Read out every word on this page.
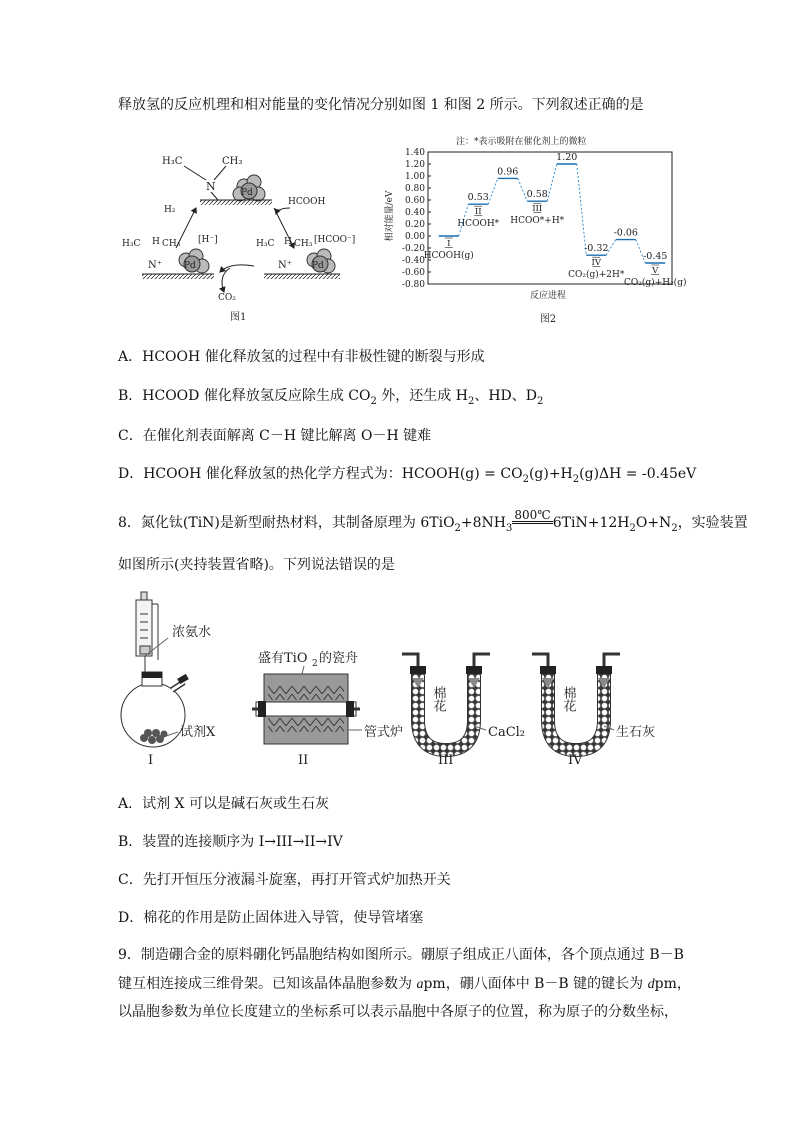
释放氢的反应机理和相对能量的变化情况分别如图 1 和图 2 所示。下列叙述正确的是
H₃C	CH₃
N	Pd
H₂
HCOOH
CO₂
H₃C H CH₃
N⁺
[H⁻]
Pd
H₃C H CH₃
N⁺
[HCOO⁻]
Pd
图1
注：*表示吸附在催化剂上的微粒
相对能量/eV
反应进程
图2
1.40
1.20
1.00
0.80
0.60
0.40
0.20
0.00
-0.20
-0.40
-0.60
-0.80
I
HCOOH(g)
0.53
II
HCOOH*
0.96
0.58
III
HCOO*+H*
1.20
-0.32
IV
CO₂(g)+2H*
-0.06
-0.45
V
CO₂(g)+H₂(g)
A．HCOOH 催化释放氢的过程中有非极性键的断裂与形成
B．HCOOD 催化释放氢反应除生成 $CO_2$ 外，还生成 $H_2$、HD、$D_2$
C．在催化剂表面解离 C－H 键比解离 O－H 键难
D．HCOOH 催化释放氢的热化学方程式为：HCOOH(g) = $CO_2(g)+H_2(g)\Delta H = -0.45eV$
8．氮化钛(TiN)是新型耐热材料，其制备原理为 $6TiO_2+8NH_3800℃$ $6TiN+12H_2O+N_2$，实验装置
如图所示(夹持装置省略)。下列说法错误的是
浓氨水
试剂X
I
盛有TiO 2 的瓷舟
管式炉
II
棉花
CaCl₂
III
棉花
生石灰
IV
A．试剂 X 可以是碱石灰或生石灰
B．装置的连接顺序为 I→III→II→IV
C．先打开恒压分液漏斗旋塞，再打开管式炉加热开关
D．棉花的作用是防止固体进入导管，使导管堵塞
9．制造硼合金的原料硼化钙晶胞结构如图所示。硼原子组成正八面体，各个顶点通过 B－B
键互相连接成三维骨架。已知该晶体晶胞参数为 apm，硼八面体中 B－B 键的键长为 dpm，
以晶胞参数为单位长度建立的坐标系可以表示晶胞中各原子的位置，称为原子的分数坐标，
